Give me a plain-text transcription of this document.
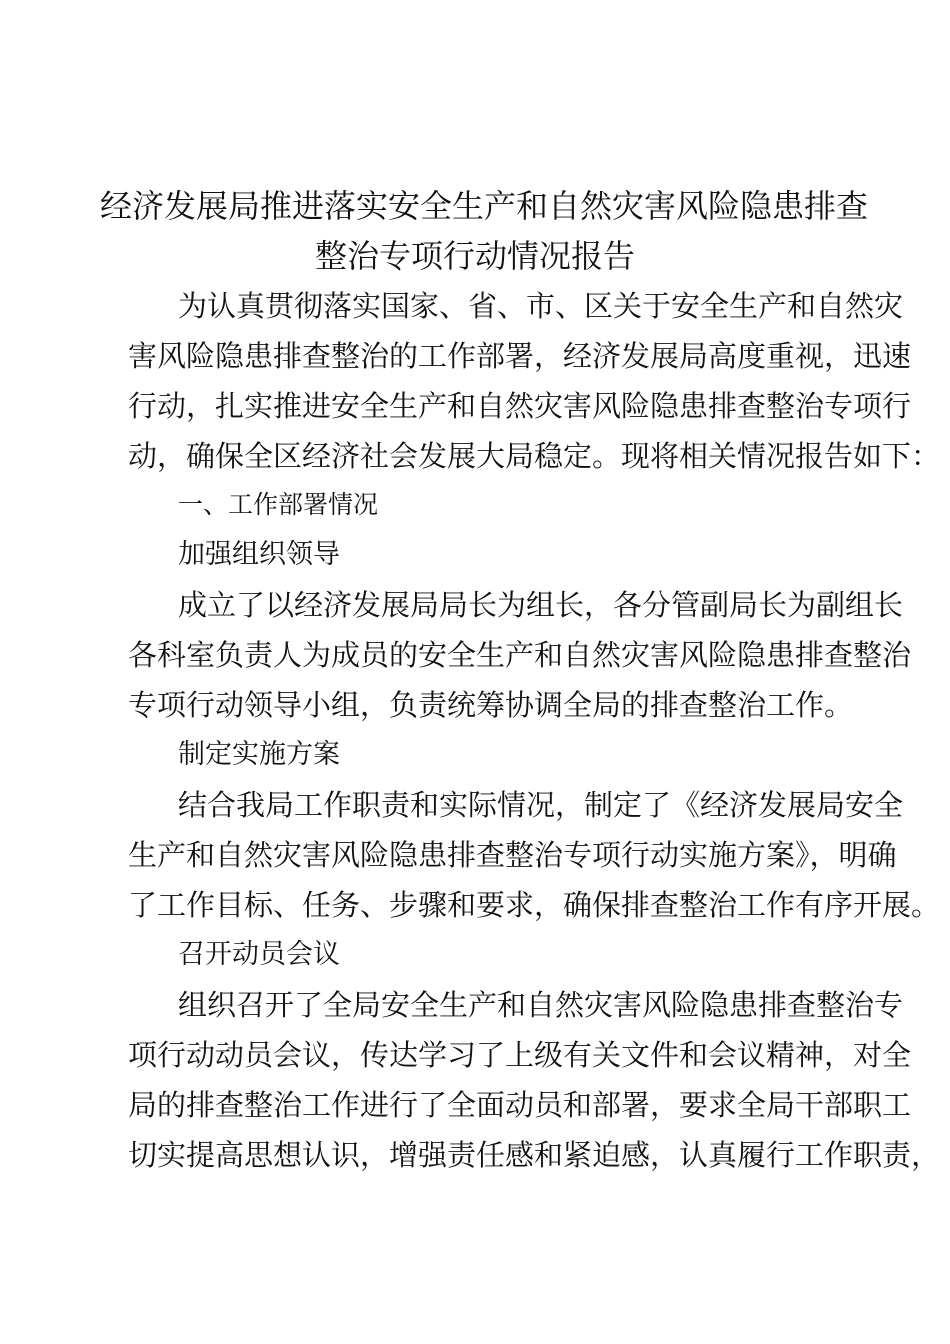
经济发展局推进落实安全生产和自然灾害风险隐患排查
整治专项行动情况报告
为认真贯彻落实国家、省、市、区关于安全生产和自然灾
害风险隐患排查整治的工作部署，经济发展局高度重视，迅速
行动，扎实推进安全生产和自然灾害风险隐患排查整治专项行
动，确保全区经济社会发展大局稳定。现将相关情况报告如下：
一、工作部署情况
加强组织领导
成立了以经济发展局局长为组长，各分管副局长为副组长
各科室负责人为成员的安全生产和自然灾害风险隐患排查整治
专项行动领导小组，负责统筹协调全局的排查整治工作。
制定实施方案
结合我局工作职责和实际情况，制定了《经济发展局安全
生产和自然灾害风险隐患排查整治专项行动实施方案》，明确
了工作目标、任务、步骤和要求，确保排查整治工作有序开展。
召开动员会议
组织召开了全局安全生产和自然灾害风险隐患排查整治专
项行动动员会议，传达学习了上级有关文件和会议精神，对全
局的排查整治工作进行了全面动员和部署，要求全局干部职工
切实提高思想认识，增强责任感和紧迫感，认真履行工作职责，
